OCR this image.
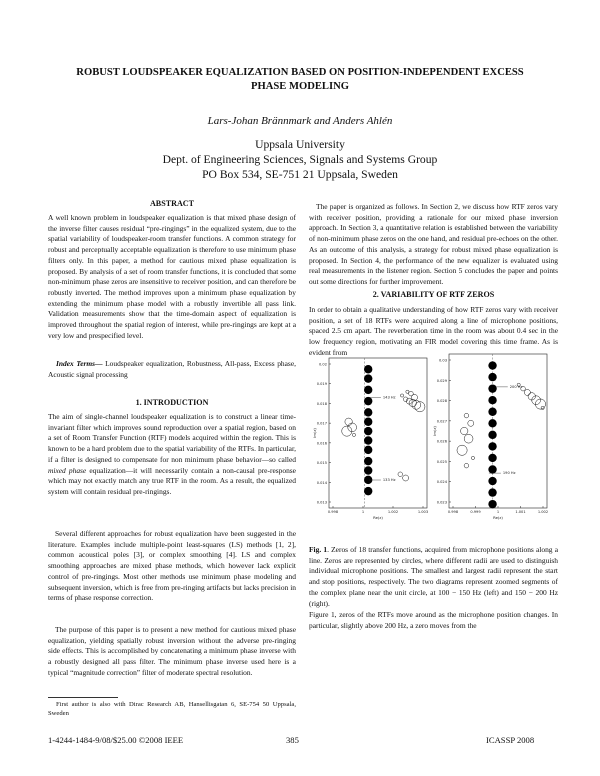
ROBUST LOUDSPEAKER EQUALIZATION BASED ON POSITION-INDEPENDENT EXCESS
PHASE MODELING
Lars-Johan Brännmark and Anders Ahlén
Uppsala University
Dept. of Engineering Sciences, Signals and Systems Group
PO Box 534, SE-751 21 Uppsala, Sweden
ABSTRACT
A well known problem in loudspeaker equalization is that mixed phase design of the inverse filter causes residual “pre-ringings” in the equalized system, due to the spatial variability of loudspeaker-room transfer functions. A common strategy for robust and perceptually acceptable equalization is therefore to use minimum phase filters only. In this paper, a method for cautious mixed phase equalization is proposed. By analysis of a set of room transfer functions, it is concluded that some non-minimum phase zeros are insensitive to receiver position, and can therefore be robustly inverted. The method improves upon a minimum phase equalization by extending the minimum phase model with a robustly invertible all pass link. Validation measurements show that the time-domain aspect of equalization is improved throughout the spatial region of interest, while pre-ringings are kept at a very low and prespecified level.
Index Terms— Loudspeaker equalization, Robustness, All-pass, Excess phase, Acoustic signal processing
1. INTRODUCTION
The aim of single-channel loudspeaker equalization is to construct a linear time-invariant filter which improves sound reproduction over a spatial region, based on a set of Room Transfer Function (RTF) models acquired within the region. This is known to be a hard problem due to the spatial variability of the RTFs. In particular, if a filter is designed to compensate for non minimum phase behavior—so called mixed phase equalization—it will necessarily contain a non-causal pre-response which may not exactly match any true RTF in the room. As a result, the equalized system will contain residual pre-ringings.
Several different approaches for robust equalization have been suggested in the literature. Examples include multiple-point least-squares (LS) methods [1, 2], common acoustical poles [3], or complex smoothing [4]. LS and complex smoothing approaches are mixed phase methods, which however lack explicit control of pre-ringings. Most other methods use minimum phase modeling and subsequent inversion, which is free from pre-ringing artifacts but lacks precision in terms of phase response correction.
The purpose of this paper is to present a new method for cautious mixed phase equalization, yielding spatially robust inversion without the adverse pre-ringing side effects. This is accomplished by concatenating a minimum phase inverse with a robustly designed all pass filter. The minimum phase inverse used here is a typical “magnitude correction” filter of moderate spectral resolution.
First author is also with Dirac Research AB, Hansellisgatan 6, SE-754 50 Uppsala, Sweden
The paper is organized as follows. In Section 2, we discuss how RTF zeros vary with receiver position, providing a rationale for our mixed phase inversion approach. In Section 3, a quantitative relation is established between the variability of non-minimum phase zeros on the one hand, and residual pre-echoes on the other. As an outcome of this analysis, a strategy for robust mixed phase equalization is proposed. In Section 4, the performance of the new equalizer is evaluated using real measurements in the listener region. Section 5 concludes the paper and points out some directions for further improvement.
2. VARIABILITY OF RTF ZEROS
In order to obtain a qualitative understanding of how RTF zeros vary with receiver position, a set of 18 RTFs were acquired along a line of microphone positions, spaced 2.5 cm apart. The reverberation time in the room was about 0.4 sec in the low frequency region, motivating an FIR model covering this time frame. As is evident from
0.02
0.019
0.018
0.017
0.016
0.015
0.014
0.013
0.998	1	1.002	1.003
Re(z)
Im(z)
143 Hz
133 Hz
0.03
0.029
0.028
0.027
0.026
0.025
0.024
0.023
0.998	0.999	1	1.001	1.002
Re(z)
Im(z)
200 Hz
190 Hz
Fig. 1. Zeros of 18 transfer functions, acquired from microphone positions along a line. Zeros are represented by circles, where different radii are used to distinguish individual microphone positions. The smallest and largest radii represent the start and stop positions, respectively. The two diagrams represent zoomed segments of the complex plane near the unit circle, at 100 − 150 Hz (left) and 150 − 200 Hz (right).
Figure 1, zeros of the RTFs move around as the microphone position changes. In particular, slightly above 200 Hz, a zero moves from the
1-4244-1484-9/08/$25.00 ©2008 IEEE	385	ICASSP 2008
